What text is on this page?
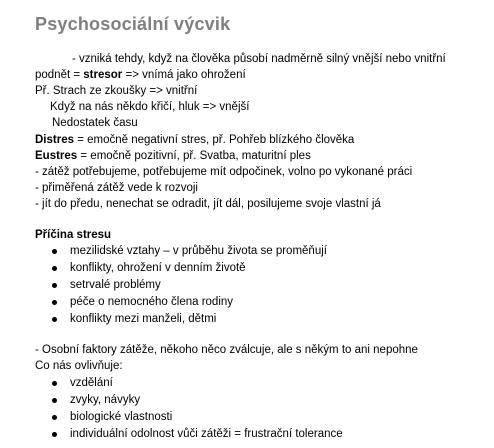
Psychosociální výcvik
- vzniká tehdy, když na člověka působí nadměrně silný vnější nebo vnitřní
podnět = stresor => vnímá jako ohrožení
Př. Strach ze zkoušky => vnitřní
Když na nás někdo křičí, hluk => vnější
Nedostatek času
Distres = emočně negativní stres, př. Pohřeb blízkého člověka
Eustres = emočně pozitivní, př. Svatba, maturitní ples
- zátěž potřebujeme, potřebujeme mít odpočinek, volno po vykonané práci
- přiměřená zátěž vede k rozvoji
- jít do předu, nenechat se odradit, jít dál, posilujeme svoje vlastní já
Příčina stresu
mezilidské vztahy – v průběhu života se proměňují
konflikty, ohrožení v denním životě
setrvalé problémy
péče o nemocného člena rodiny
konflikty mezi manželi, dětmi
- Osobní faktory zátěže, někoho něco zválcuje, ale s někým to ani nepohne
Co nás ovlivňuje:
vzdělání
zvyky, návyky
biologické vlastnosti
individuální odolnost vůči zátěži = frustrační tolerance
